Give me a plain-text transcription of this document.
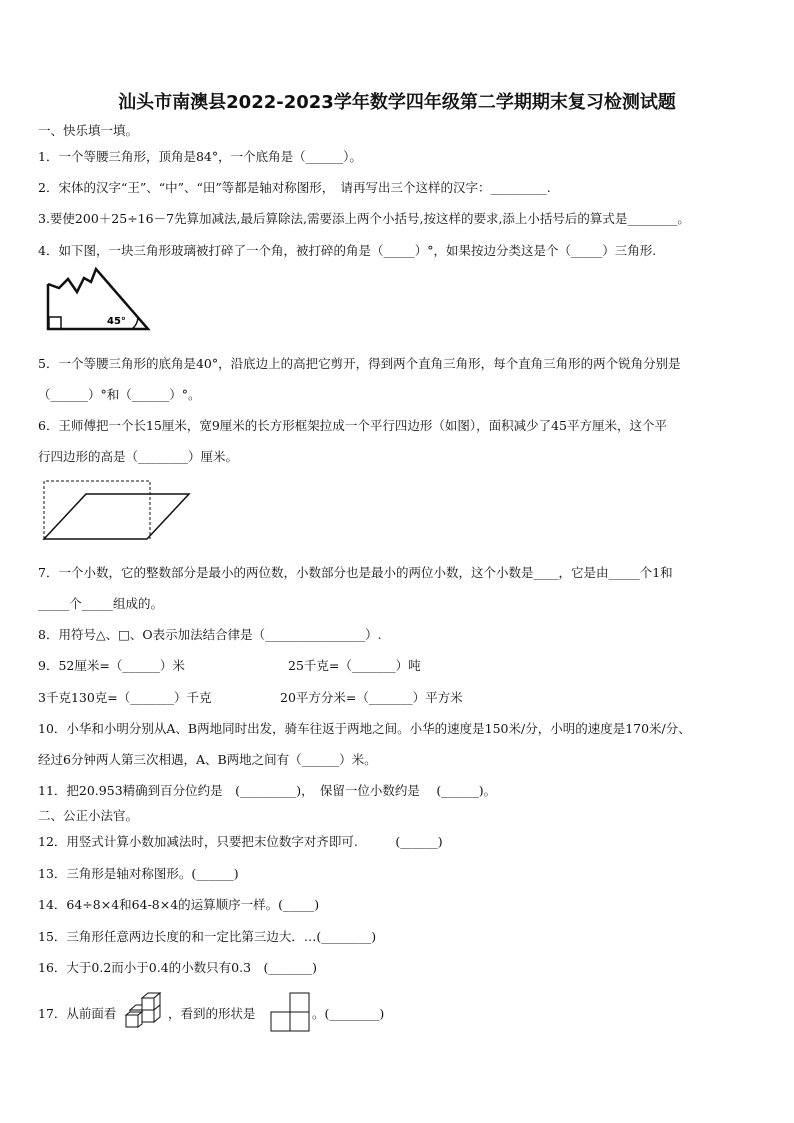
汕头市南澳县2022-2023学年数学四年级第二学期期末复习检测试题
一、快乐填一填。
1．一个等腰三角形，顶角是84°，一个底角是（______）。
2．宋体的汉字“王”、“中”、“田”等都是轴对称图形，　请再写出三个这样的汉字：_________.
3.要使200＋25÷16－7先算加减法,最后算除法,需要添上两个小括号,按这样的要求,添上小括号后的算式是________。
4．如下图，一块三角形玻璃被打碎了一个角，被打碎的角是（_____）°，如果按边分类这是个（_____）三角形.
45°
5．一个等腰三角形的底角是40°，沿底边上的高把它剪开，得到两个直角三角形，每个直角三角形的两个锐角分别是
（______）°和（______）°。
6．王师傅把一个长15厘米，宽9厘米的长方形框架拉成一个平行四边形（如图），面积减少了45平方厘米，这个平
行四边形的高是（________）厘米。
7．一个小数，它的整数部分是最小的两位数，小数部分也是最小的两位小数，这个小数是____，它是由_____个1和
_____个_____组成的。
8．用符号△、□、O表示加法结合律是（________________）.
9．52厘米=（______）米	25千克=（_______）吨
3千克130克=（_______）千克	20平方分米=（_______）平方米
10．小华和小明分别从A、B两地同时出发，骑车往返于两地之间。小华的速度是150米/分，小明的速度是170米/分、
经过6分钟两人第三次相遇，A、B两地之间有（______）米。
11．把20.953精确到百分位约是　(_________)，　保留一位小数约是　 (______)。
二、公正小法官。
12．用竖式计算小数加减法时，只要把末位数字对齐即可.　　　(______)
13．三角形是轴对称图形。(______)
14．64÷8×4和64-8×4的运算顺序一样。(_____)
15．三角形任意两边长度的和一定比第三边大．…(________)
16．大于0.2而小于0.4的小数只有0.3　(_______)
17．从前面看	，看到的形状是	。(________)
